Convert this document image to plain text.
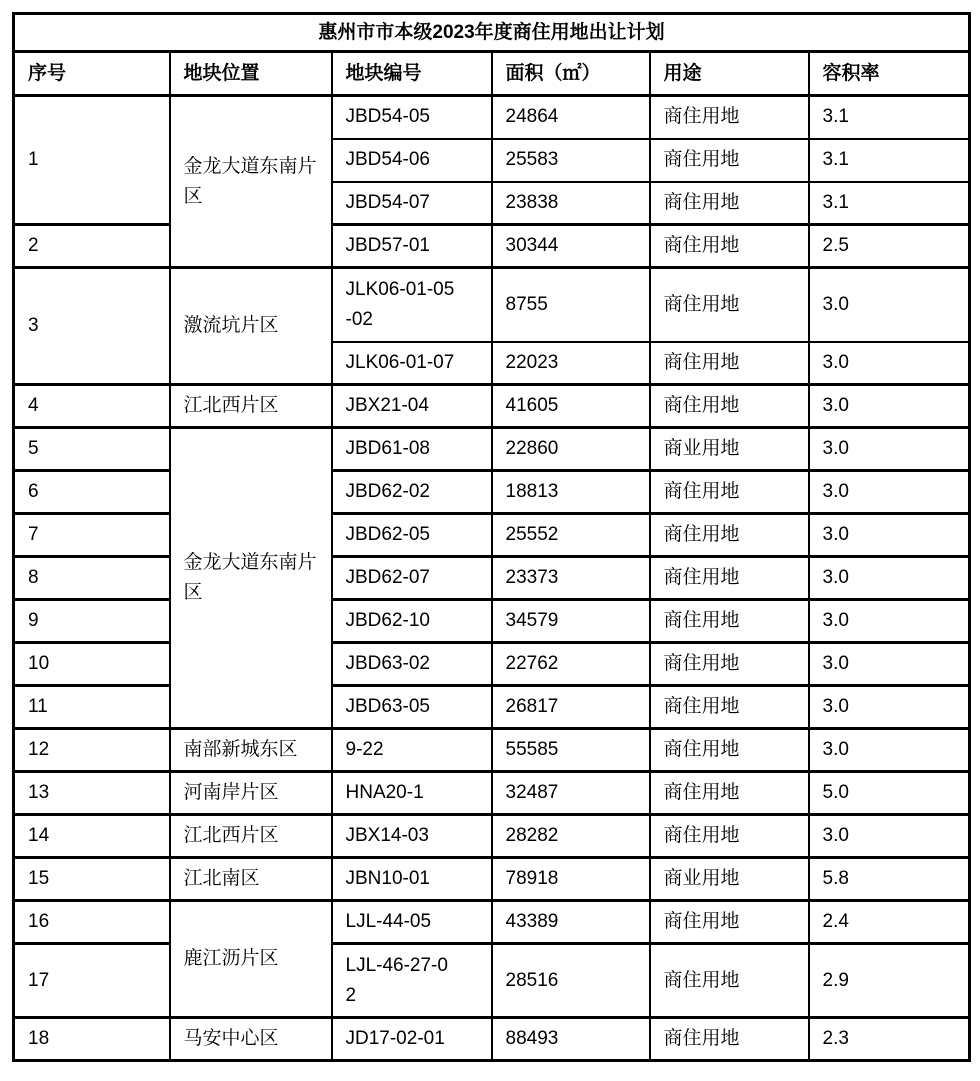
惠州市市本级2023年度商住用地出让计划					
序号	地块位置	地块编号	面积（㎡）	用途	容积率
1	金龙大道东南片区	JBD54-05	24864	商住用地	3.1
		JBD54-06	25583	商住用地	3.1
		JBD54-07	23838	商住用地	3.1
2		JBD57-01	30344	商住用地	2.5
3	激流坑片区	JLK06-01-05-02	8755	商住用地	3.0
		JLK06-01-07	22023	商住用地	3.0
4	江北西片区	JBX21-04	41605	商住用地	3.0
5	金龙大道东南片区	JBD61-08	22860	商业用地	3.0
6		JBD62-02	18813	商住用地	3.0
7		JBD62-05	25552	商住用地	3.0
8		JBD62-07	23373	商住用地	3.0
9		JBD62-10	34579	商住用地	3.0
10		JBD63-02	22762	商住用地	3.0
11		JBD63-05	26817	商住用地	3.0
12	南部新城东区	9-22	55585	商住用地	3.0
13	河南岸片区	HNA20-1	32487	商住用地	5.0
14	江北西片区	JBX14-03	28282	商住用地	3.0
15	江北南区	JBN10-01	78918	商业用地	5.8
16	鹿江沥片区	LJL-44-05	43389	商住用地	2.4
17		LJL-46-27-02	28516	商住用地	2.9
18	马安中心区	JD17-02-01	88493	商住用地	2.3
